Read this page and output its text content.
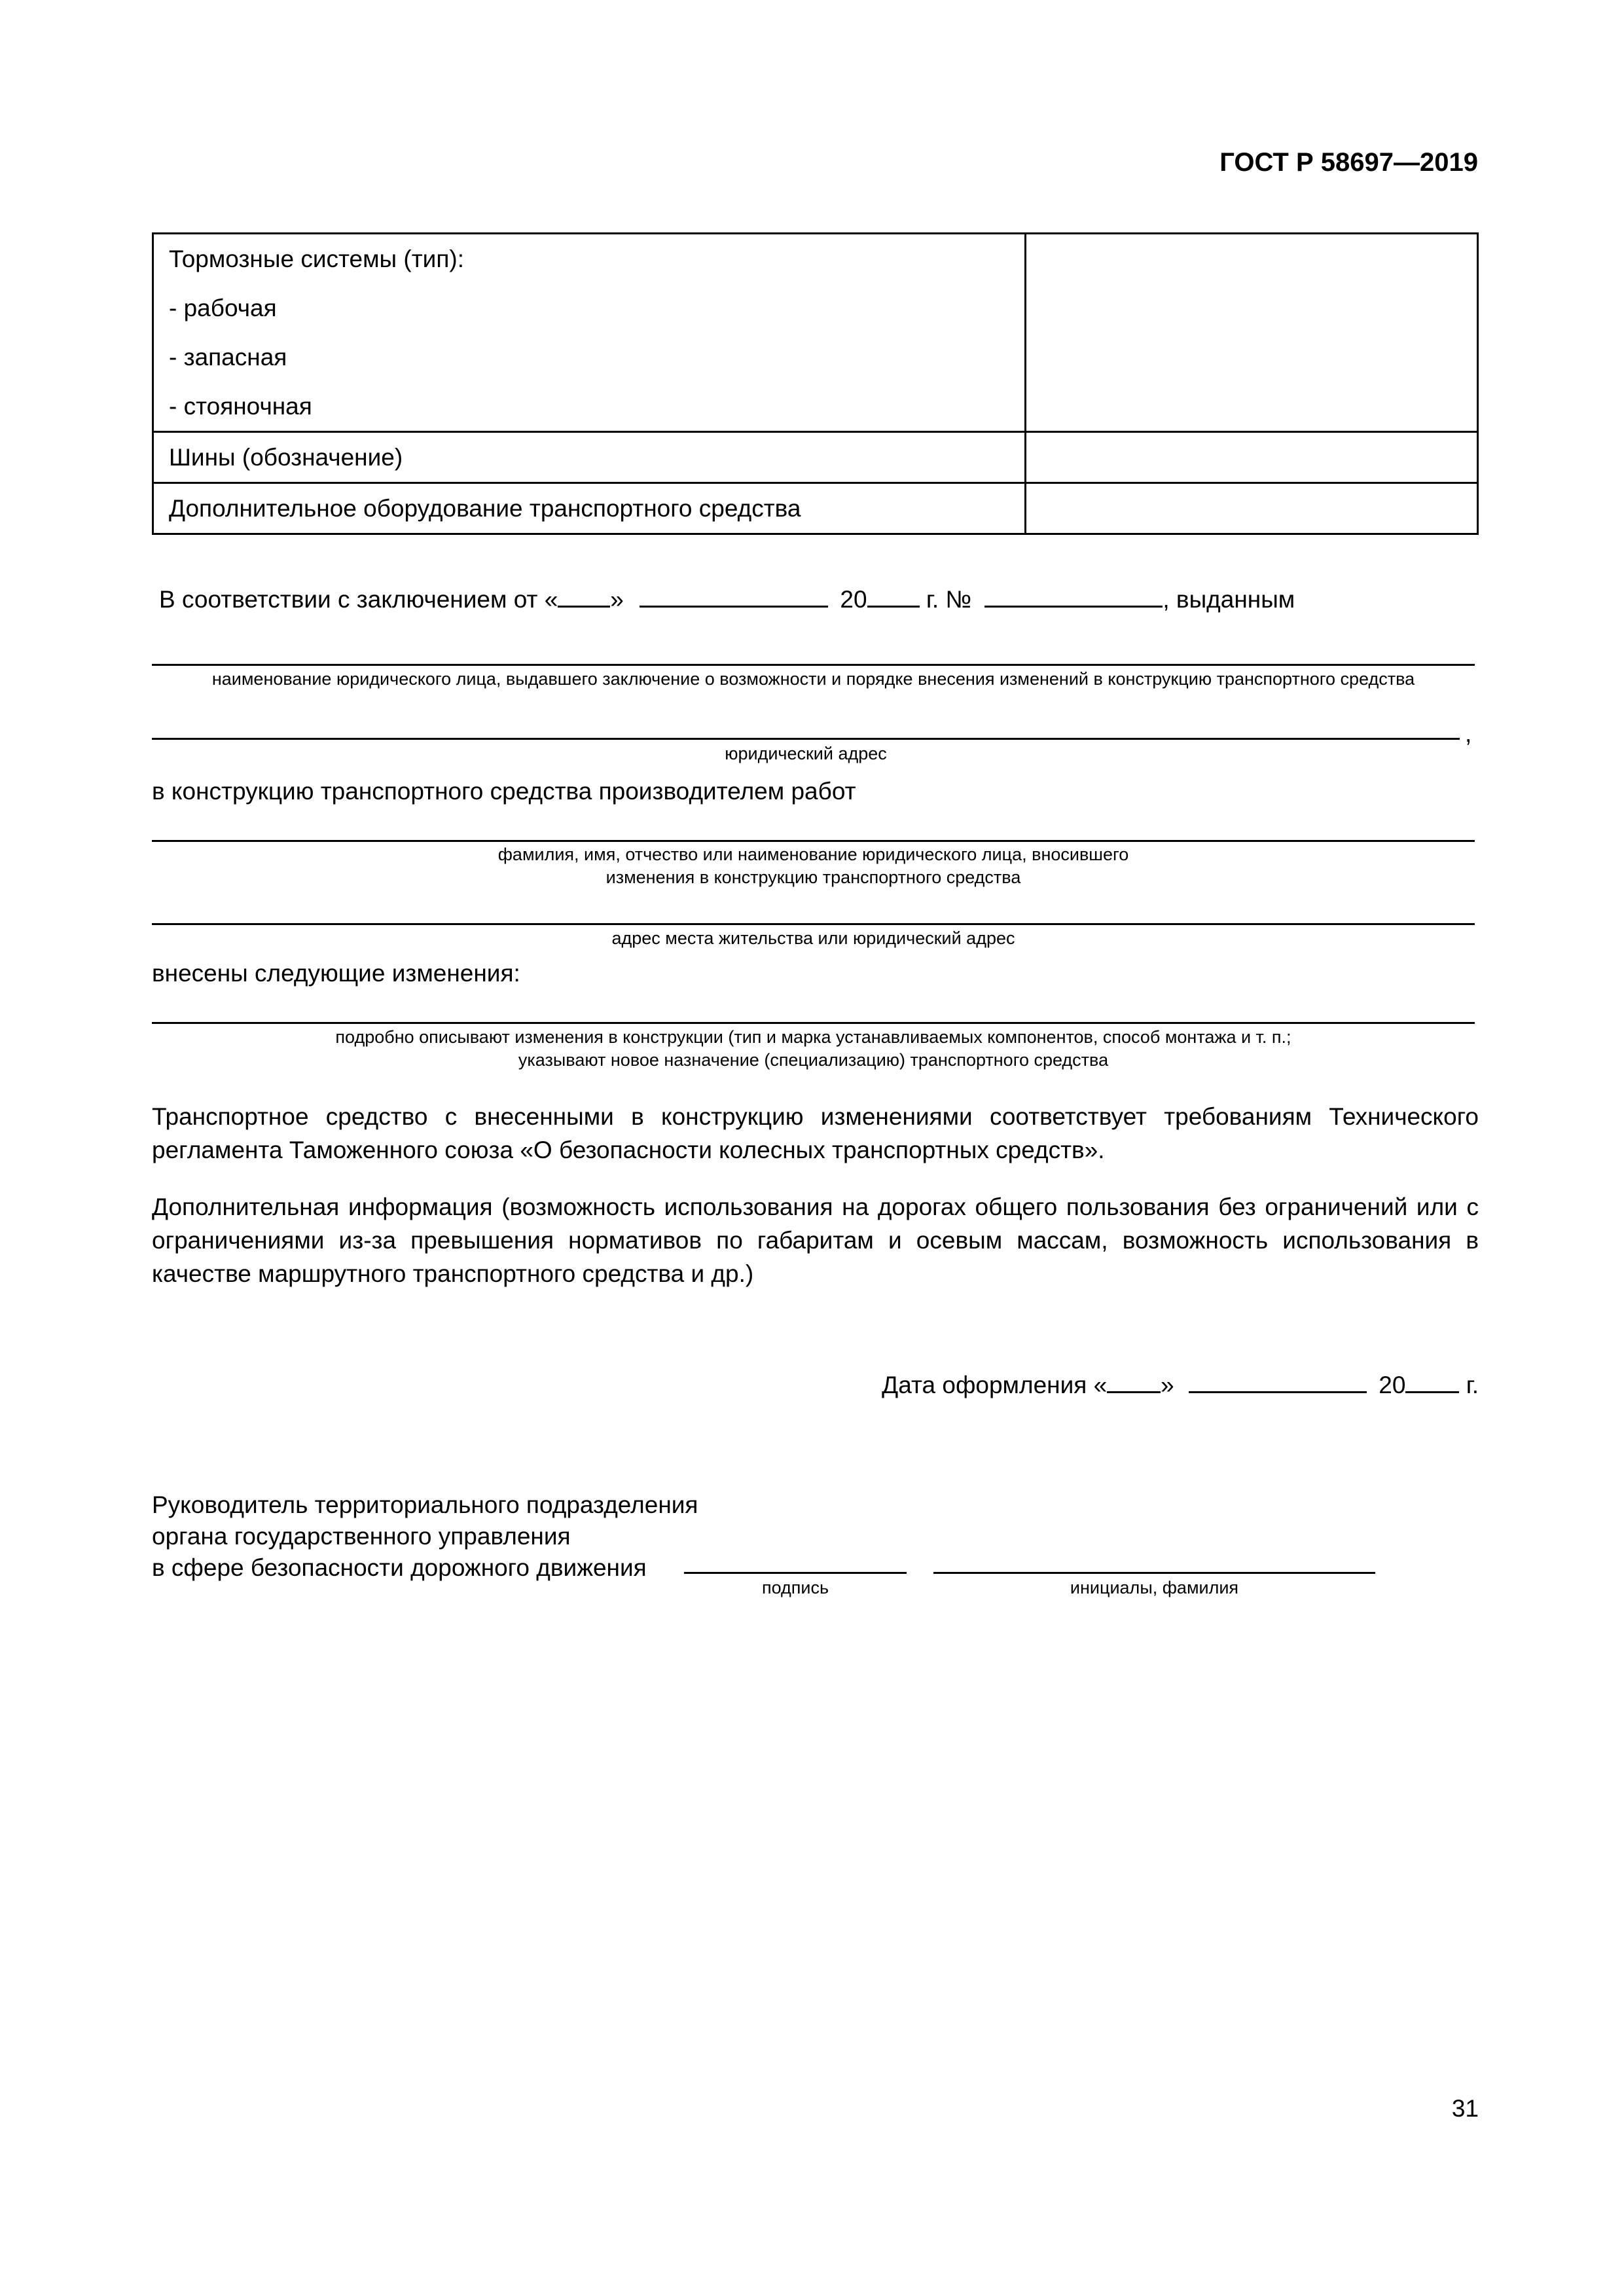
ГОСТ Р 58697—2019
Тормозные системы (тип):
- рабочая
- запасная
- стояночная	

Шины (обозначение)	

Дополнительное оборудование транспортного средства	

В соответствии с заключением от « »	20 г. №	, выданным
наименование юридического лица, выдавшего заключение о возможности и порядке внесения изменений в конструкцию транспортного средства
,
юридический адрес
в конструкцию транспортного средства производителем работ
фамилия, имя, отчество или наименование юридического лица, вносившего
изменения в конструкцию транспортного средства
адрес места жительства или юридический адрес
внесены следующие изменения:
подробно описывают изменения в конструкции (тип и марка устанавливаемых компонентов, способ монтажа и т. п.;
указывают новое назначение (специализацию) транспортного средства
Транспортное средство с внесенными в конструкцию изменениями соответствует требованиям Технического регламента Таможенного союза «О безопасности колесных транспортных средств».
Дополнительная информация (возможность использования на дорогах общего пользования без ограничений или с ограничениями из-за превышения нормативов по габаритам и осевым массам, возможность использования в качестве маршрутного транспортного средства и др.)
Дата оформления « »	20 г.
Руководитель территориального подразделения
органа государственного управления
в сфере безопасности дорожного движения
подпись	инициалы, фамилия
31
